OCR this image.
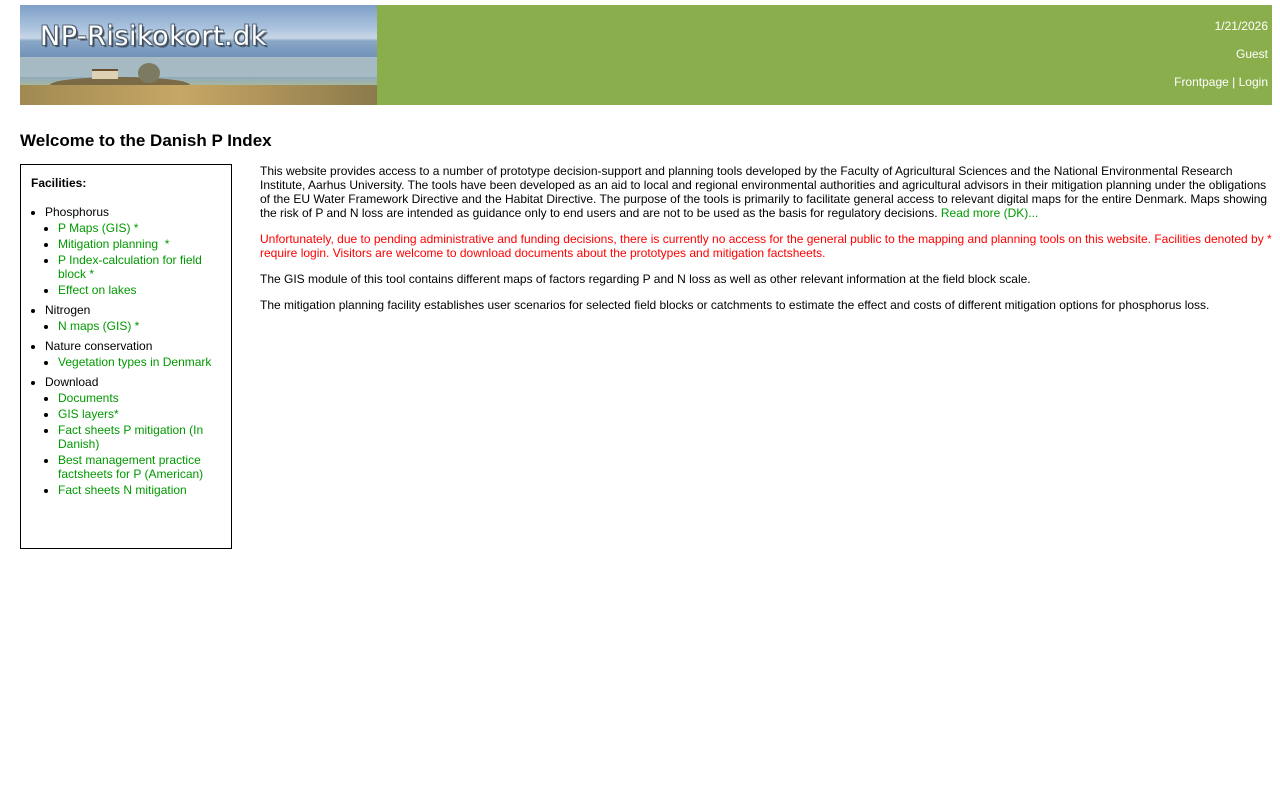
NP-Risikokort.dk	1/21/2026
Guest
Frontpage | Login
Welcome to the Danish P Index
Facilities:
• Phosphorus
• P Maps (GIS) *
• Mitigation planning  *
• P Index-calculation for field block *
• Effect on lakes
• Nitrogen
• N maps (GIS) *
• Nature conservation
• Vegetation types in Denmark
• Download
• Documents
• GIS layers*
• Fact sheets P mitigation (In Danish)
• Best management practice factsheets for P (American)
• Fact sheets N mitigation

This website provides access to a number of prototype decision-support and planning tools developed by the Faculty of Agricultural Sciences and the National Environmental Research Institute, Aarhus University. The tools have been developed as an aid to local and regional environmental authorities and agricultural advisors in their mitigation planning under the obligations of the EU Water Framework Directive and the Habitat Directive. The purpose of the tools is primarily to facilitate general access to relevant digital maps for the entire Denmark. Maps showing the risk of P and N loss are intended as guidance only to end users and are not to be used as the basis for regulatory decisions. Read more (DK)...

Unfortunately, due to pending administrative and funding decisions, there is currently no access for the general public to the mapping and planning tools on this website. Facilities denoted by * require login. Visitors are welcome to download documents about the prototypes and mitigation factsheets.

The GIS module of this tool contains different maps of factors regarding P and N loss as well as other relevant information at the field block scale.

The mitigation planning facility establishes user scenarios for selected field blocks or catchments to estimate the effect and costs of different mitigation options for phosphorus loss.
